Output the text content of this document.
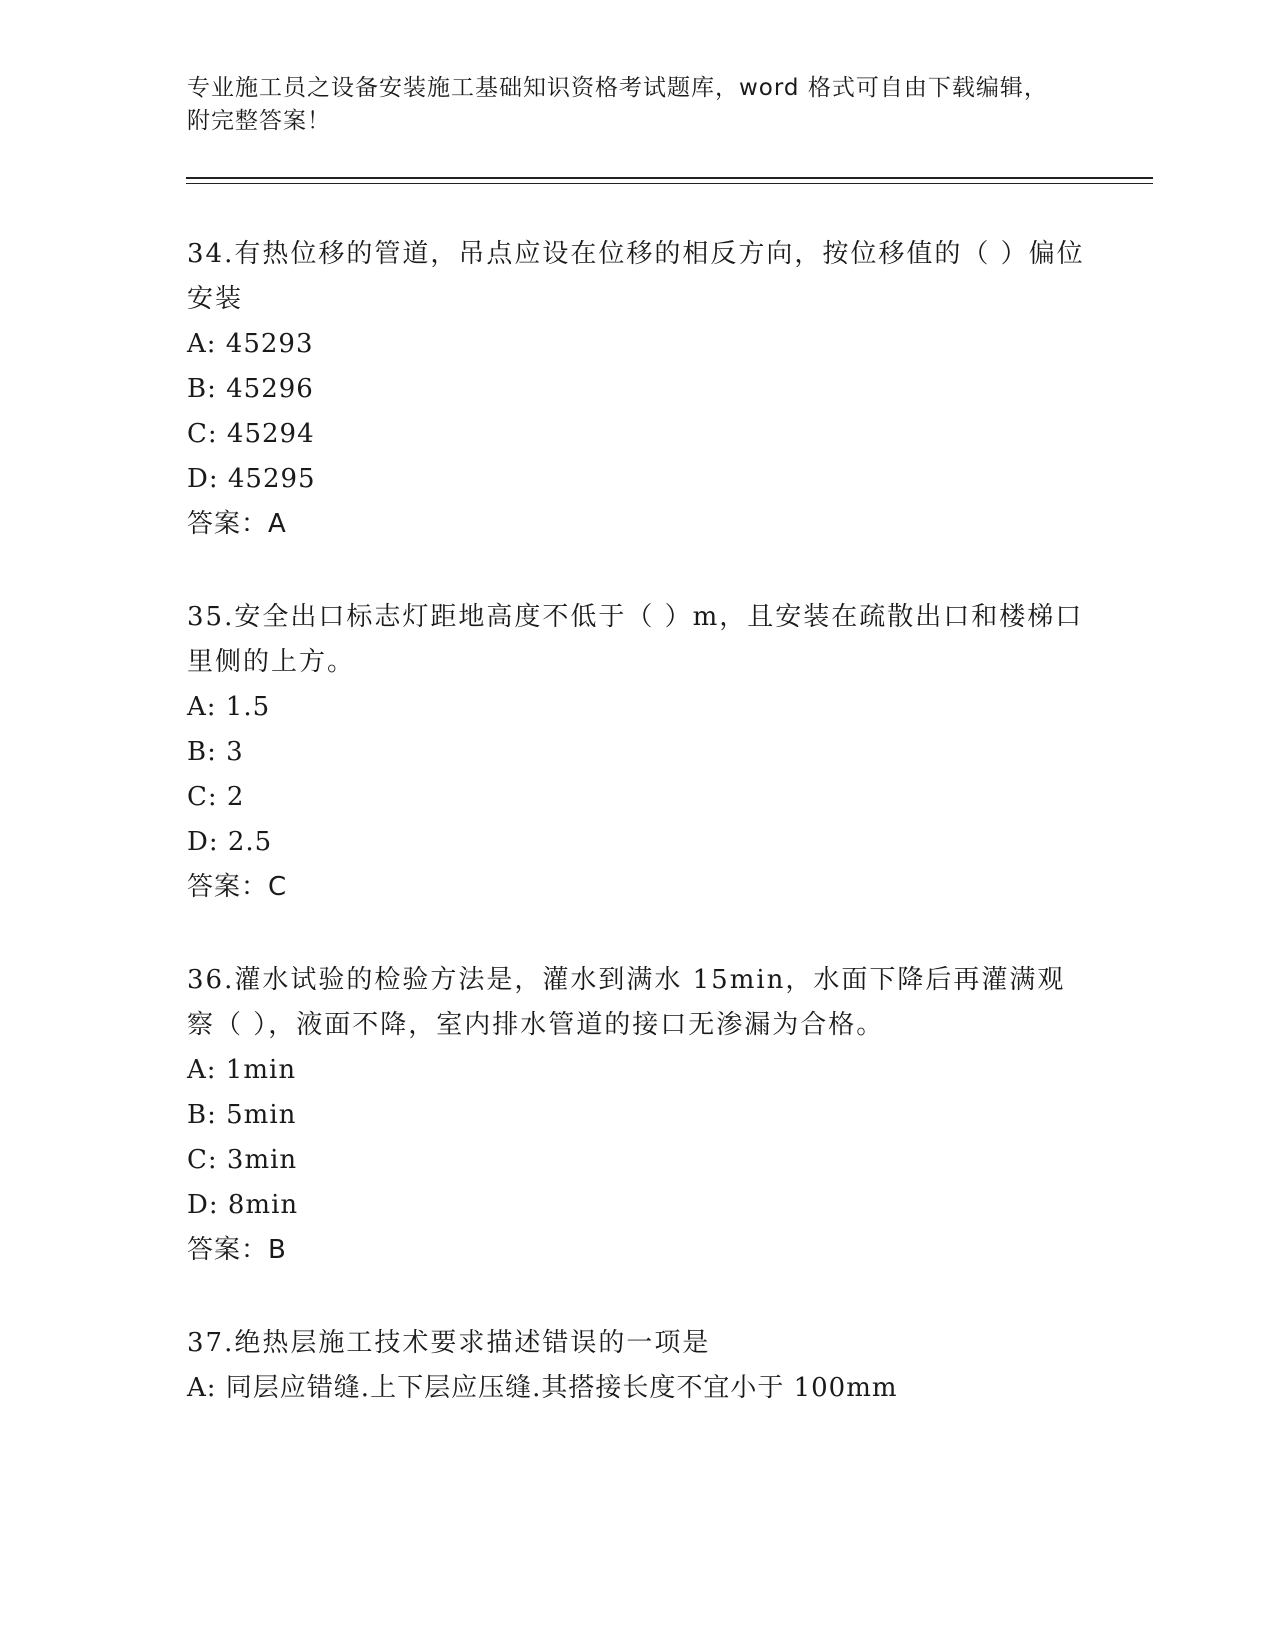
专业施工员之设备安装施工基础知识资格考试题库，word 格式可自由下载编辑，
附完整答案！

34.有热位移的管道，吊点应设在位移的相反方向，按位移值的（ ）偏位安装

A: 45293

B: 45296

C: 45294

D: 45295

答案：A

35.安全出口标志灯距地高度不低于（ ）m，且安装在疏散出口和楼梯口里侧的上方。

A: 1.5

B: 3

C: 2

D: 2.5

答案：C

36.灌水试验的检验方法是，灌水到满水 15min，水面下降后再灌满观察（ ），液面不降，室内排水管道的接口无渗漏为合格。

A: 1min

B: 5min

C: 3min

D: 8min

答案：B

37.绝热层施工技术要求描述错误的一项是

A: 同层应错缝.上下层应压缝.其搭接长度不宜小于 100mm
